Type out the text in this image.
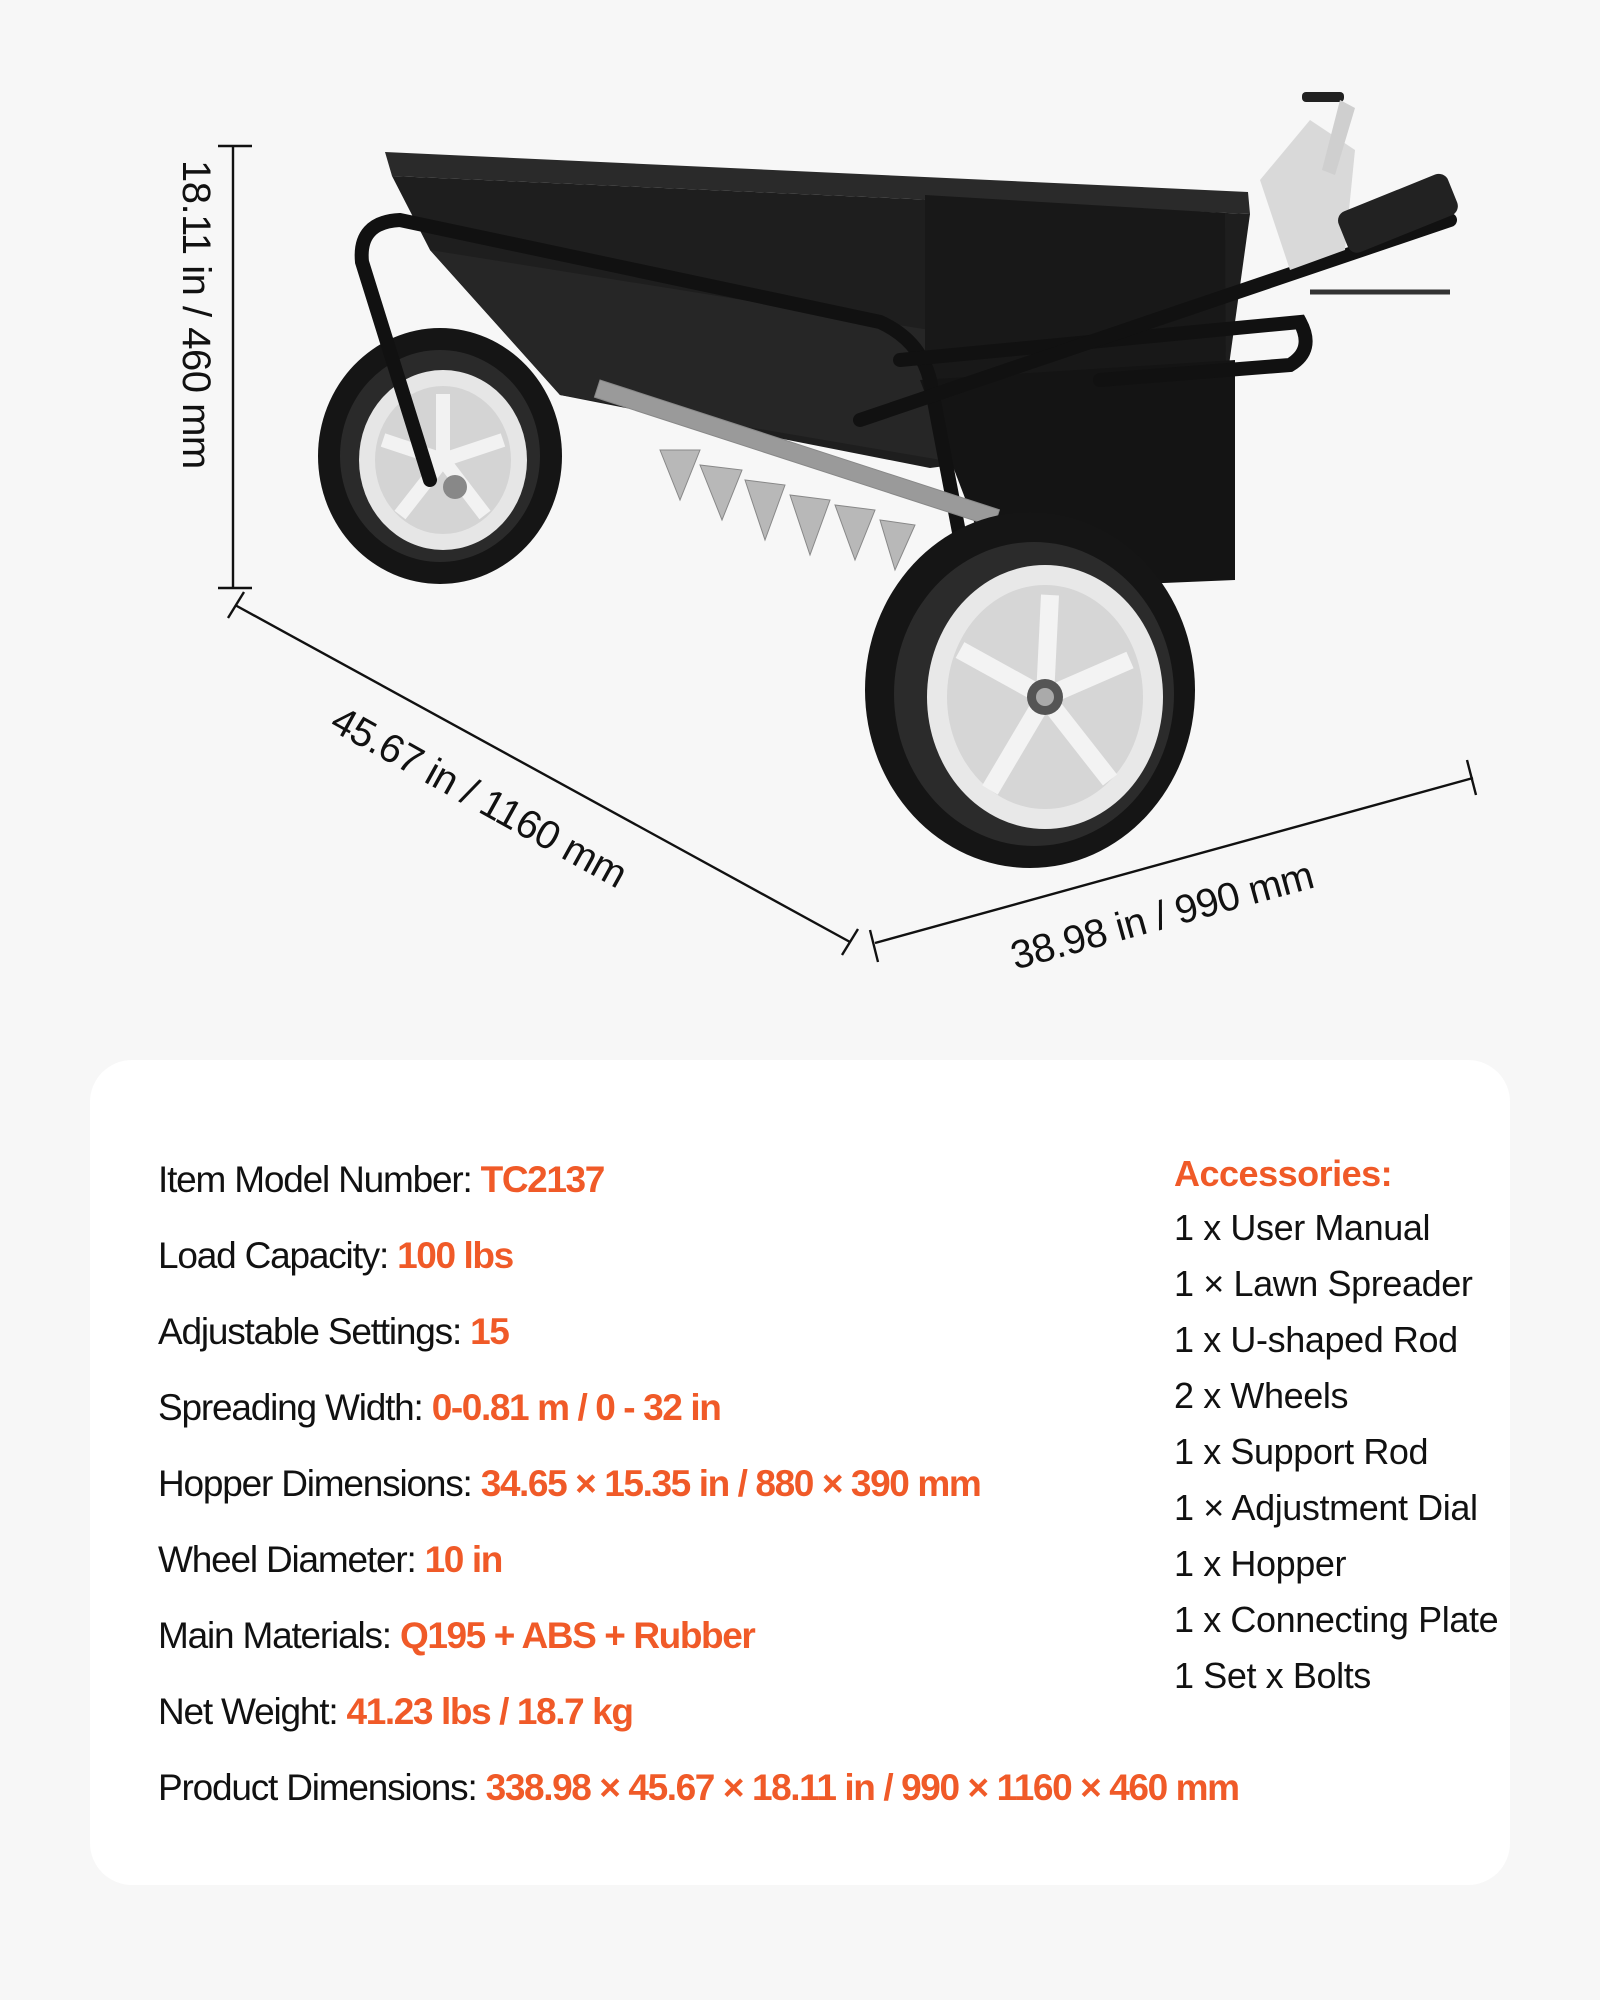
18.11 in / 460 mm
45.67 in / 1160 mm
38.98 in / 990 mm
Item Model Number: TC2137
Load Capacity: 100 lbs
Adjustable Settings: 15
Spreading Width: 0-0.81 m / 0 - 32 in
Hopper Dimensions: 34.65 × 15.35 in / 880 × 390 mm
Wheel Diameter: 10 in
Main Materials: Q195 + ABS + Rubber
Net Weight: 41.23 lbs / 18.7 kg
Product Dimensions: 338.98 × 45.67 × 18.11 in / 990 × 1160 × 460 mm
Accessories:
1 x User Manual
1 × Lawn Spreader
1 x U-shaped Rod
2 x Wheels
1 x Support Rod
1 × Adjustment Dial
1 x Hopper
1 x Connecting Plate
1 Set x Bolts
